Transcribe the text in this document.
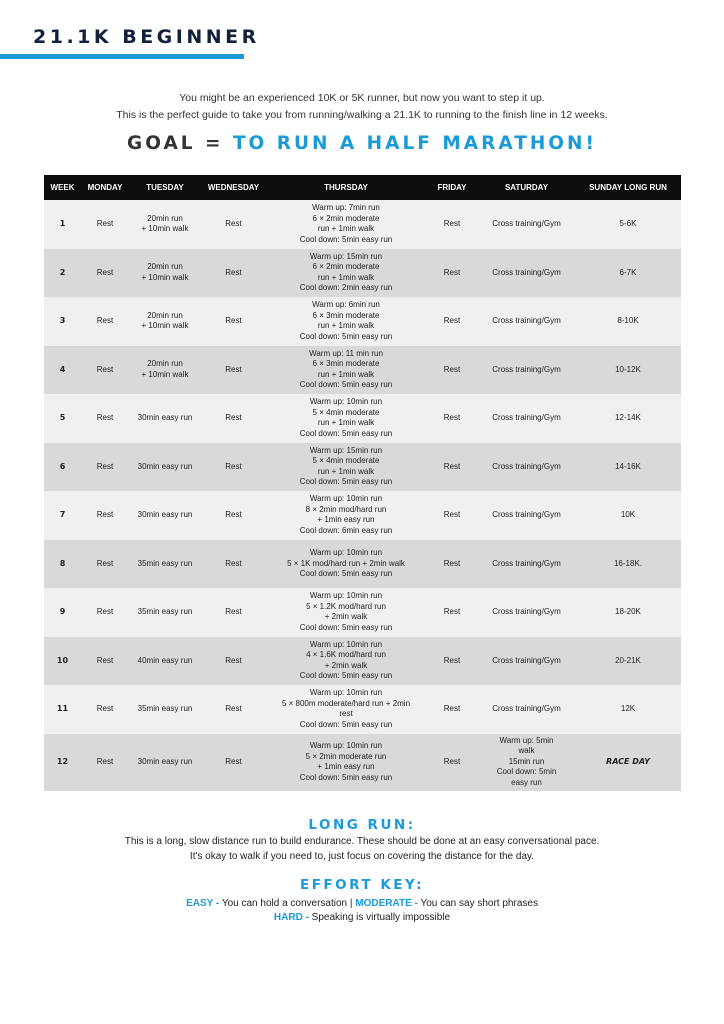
21.1K BEGINNER
You might be an experienced 10K or 5K runner, but now you want to step it up.
This is the perfect guide to take you from running/walking a 21.1K to running to the finish line in 12 weeks.
GOAL = TO RUN A HALF MARATHON!
WEEK	MONDAY	TUESDAY	WEDNESDAY	THURSDAY	FRIDAY	SATURDAY	SUNDAY LONG RUN
1	Rest	20min run
+ 10min walk	Rest	Warm up: 7min run
6 × 2min moderate
run + 1min walk
Cool down: 5min easy run	Rest	Cross training/Gym	5-6K
2	Rest	20min run
+ 10min walk	Rest	Warm up: 15min run
6 × 2min moderate
run + 1min walk
Cool down: 2min easy run	Rest	Cross training/Gym	6-7K
3	Rest	20min run
+ 10min walk	Rest	Warm up: 6min run
6 × 3min moderate
run + 1min walk
Cool down: 5min easy run	Rest	Cross training/Gym	8-10K
4	Rest	20min run
+ 10min walk	Rest	Warm up: 11 min run
6 × 3min moderate
run + 1min walk
Cool down: 5min easy run	Rest	Cross training/Gym	10-12K
5	Rest	30min easy run	Rest	Warm up: 10min run
5 × 4min moderate
run + 1min walk
Cool down: 5min easy run	Rest	Cross training/Gym	12-14K
6	Rest	30min easy run	Rest	Warm up: 15min run
5 × 4min moderate
run + 1min walk
Cool down: 5min easy run	Rest	Cross training/Gym	14-16K
7	Rest	30min easy run	Rest	Warm up: 10min run
8 × 2min mod/hard run
+ 1min easy run
Cool down: 6min easy run	Rest	Cross training/Gym	10K
8	Rest	35min easy run	Rest	Warm up: 10min run
5 × 1K mod/hard run + 2min walk
Cool down: 5min easy run	Rest	Cross training/Gym	16-18K.
9	Rest	35min easy run	Rest	Warm up: 10min run
5 × 1.2K mod/hard run
+ 2min walk
Cool down: 5min easy run	Rest	Cross training/Gym	18-20K
10	Rest	40min easy run	Rest	Warm up: 10min run
4 × 1.6K mod/hard run
+ 2min walk
Cool down: 5min easy run	Rest	Cross training/Gym	20-21K
11	Rest	35min easy run	Rest	Warm up: 10min run
5 × 800m moderate/hard run + 2min
rest
Cool down: 5min easy run	Rest	Cross training/Gym	12K
12	Rest	30min easy run	Rest	Warm up: 10min run
5 × 2min moderate run
+ 1min easy run
Cool down: 5min easy run	Rest	Warm up: 5min
walk
15min run
Cool down: 5min
easy run	RACE DAY
LONG RUN:
This is a long, slow distance run to build endurance. These should be done at an easy conversational pace.
It's okay to walk if you need to, just focus on covering the distance for the day.
EFFORT KEY:
EASY - You can hold a conversation | MODERATE - You can say short phrases
HARD - Speaking is virtually impossible
